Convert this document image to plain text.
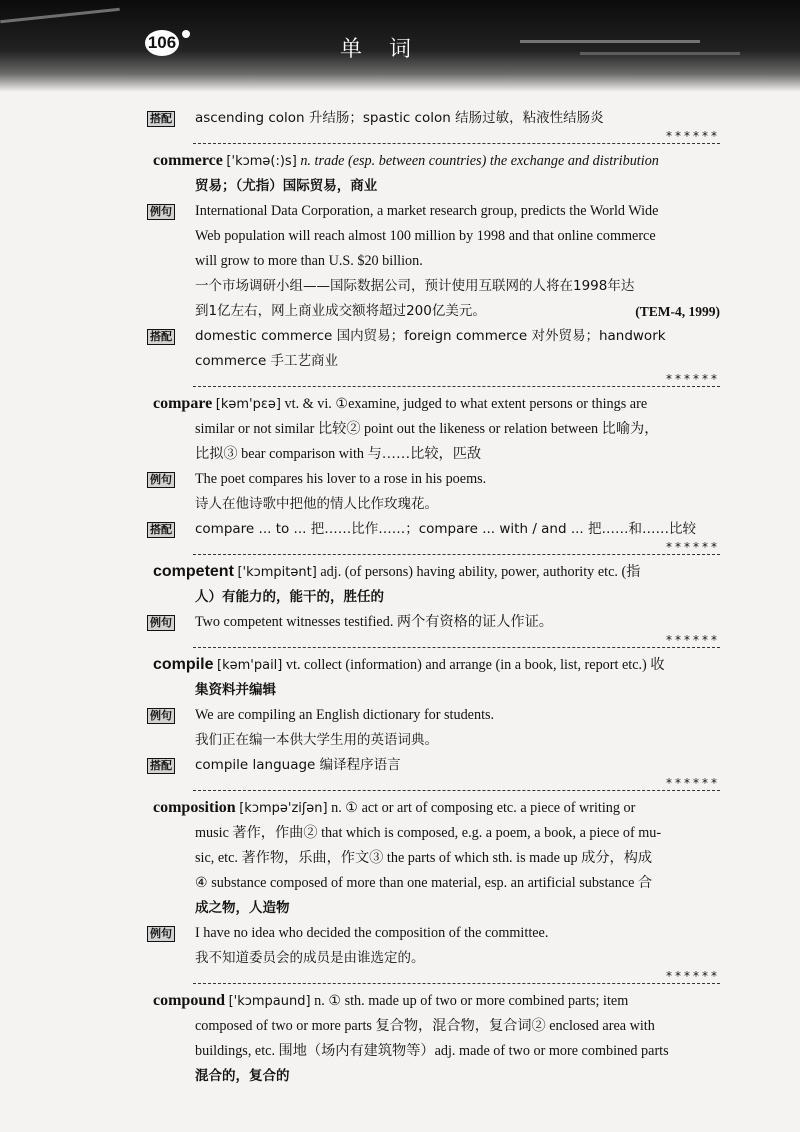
106	单 词
搭配 ascending colon 升结肠；spastic colon 结肠过敏，粘液性结肠炎
******
commerce ['kɔmə(:)s] n. trade (esp. between countries) the exchange and distribution
贸易；（尤指）国际贸易，商业
例句 International Data Corporation, a market research group, predicts the World Wide
Web population will reach almost 100 million by 1998 and that online commerce
will grow to more than U.S. $20 billion.
一个市场调研小组——国际数据公司，预计使用互联网的人将在1998年达
到1亿左右，网上商业成交额将超过200亿美元。	(TEM-4, 1999)
搭配 domestic commerce 国内贸易；foreign commerce 对外贸易；handwork
commerce 手工艺商业
******
compare [kəm'pɛə] vt. & vi. ①examine, judged to what extent persons or things are
similar or not similar 比较② point out the likeness or relation between 比喻为，
比拟③ bear comparison with 与……比较，匹敌
例句 The poet compares his lover to a rose in his poems.
诗人在他诗歌中把他的情人比作玫瑰花。
搭配 compare ... to ... 把……比作……；compare ... with / and ... 把……和……比较
******
competent ['kɔmpitənt] adj. (of persons) having ability, power, authority etc. (指
人）有能力的，能干的，胜任的
例句 Two competent witnesses testified. 两个有资格的证人作证。
******
compile [kəm'pail] vt. collect (information) and arrange (in a book, list, report etc.) 收
集资料并编辑
例句 We are compiling an English dictionary for students.
我们正在编一本供大学生用的英语词典。
搭配 compile language 编译程序语言
******
composition [kɔmpə'ziʃən] n. ① act or art of composing etc. a piece of writing or
music 著作，作曲② that which is composed, e.g. a poem, a book, a piece of mu-
sic, etc. 著作物，乐曲，作文③ the parts of which sth. is made up 成分，构成
④ substance composed of more than one material, esp. an artificial substance 合
成之物，人造物
例句 I have no idea who decided the composition of the committee.
我不知道委员会的成员是由谁选定的。
******
compound ['kɔmpaund] n. ① sth. made up of two or more combined parts; item
composed of two or more parts 复合物，混合物，复合词② enclosed area with
buildings, etc. 围地（场内有建筑物等）adj. made of two or more combined parts
混合的，复合的
